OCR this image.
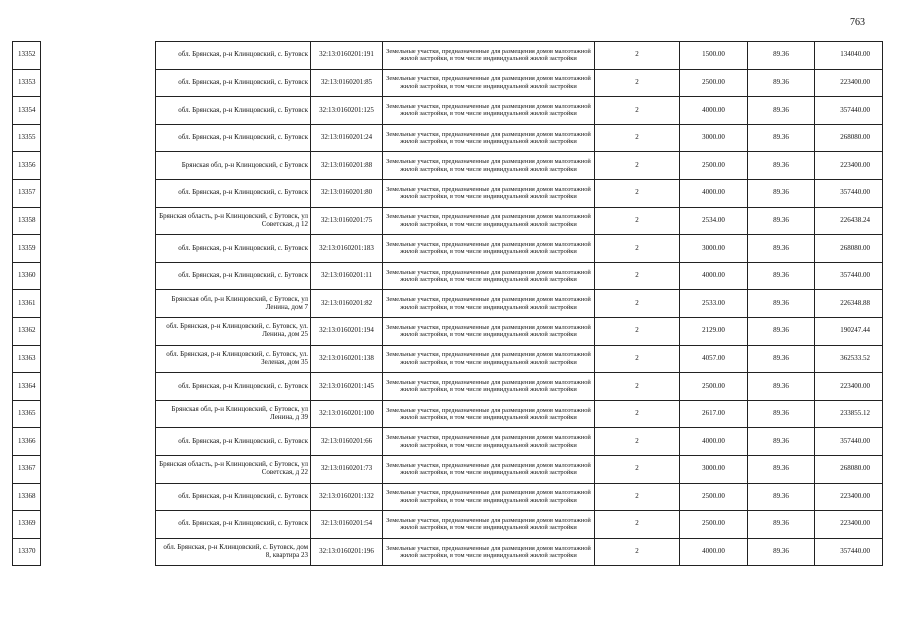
763
13352		обл. Брянская, р-н Клинцовский, с. Бутовск	32:13:0160201:191	Земельные участки, предназначенные для размещения домов малоэтажной жилой застройки, в том числе индивидуальной жилой застройки	2	1500.00	89.36	134040.00
13353		обл. Брянская, р-н Клинцовский, с. Бутовск	32:13:0160201:85	Земельные участки, предназначенные для размещения домов малоэтажной жилой застройки, в том числе индивидуальной жилой застройки	2	2500.00	89.36	223400.00
13354		обл. Брянская, р-н Клинцовский, с. Бутовск	32:13:0160201:125	Земельные участки, предназначенные для размещения домов малоэтажной жилой застройки, в том числе индивидуальной жилой застройки	2	4000.00	89.36	357440.00
13355		обл. Брянская, р-н Клинцовский, с. Бутовск	32:13:0160201:24	Земельные участки, предназначенные для размещения домов малоэтажной жилой застройки, в том числе индивидуальной жилой застройки	2	3000.00	89.36	268080.00
13356		Брянская обл, р-н Клинцовский, с Бутовск	32:13:0160201:88	Земельные участки, предназначенные для размещения домов малоэтажной жилой застройки, в том числе индивидуальной жилой застройки	2	2500.00	89.36	223400.00
13357		обл. Брянская, р-н Клинцовский, с. Бутовск	32:13:0160201:80	Земельные участки, предназначенные для размещения домов малоэтажной жилой застройки, в том числе индивидуальной жилой застройки	2	4000.00	89.36	357440.00
13358		Брянская область, р-н Клинцовский, с Бутовск, ул Советская, д 12	32:13:0160201:75	Земельные участки, предназначенные для размещения домов малоэтажной жилой застройки, в том числе индивидуальной жилой застройки	2	2534.00	89.36	226438.24
13359		обл. Брянская, р-н Клинцовский, с. Бутовск	32:13:0160201:183	Земельные участки, предназначенные для размещения домов малоэтажной жилой застройки, в том числе индивидуальной жилой застройки	2	3000.00	89.36	268080.00
13360		обл. Брянская, р-н Клинцовский, с. Бутовск	32:13:0160201:11	Земельные участки, предназначенные для размещения домов малоэтажной жилой застройки, в том числе индивидуальной жилой застройки	2	4000.00	89.36	357440.00
13361		Брянская обл, р-н Клинцовский, с Бутовск, ул Ленина, дом 7	32:13:0160201:82	Земельные участки, предназначенные для размещения домов малоэтажной жилой застройки, в том числе индивидуальной жилой застройки	2	2533.00	89.36	226348.88
13362		обл. Брянская, р-н Клинцовский, с. Бутовск, ул. Ленина, дом 25	32:13:0160201:194	Земельные участки, предназначенные для размещения домов малоэтажной жилой застройки, в том числе индивидуальной жилой застройки	2	2129.00	89.36	190247.44
13363		обл. Брянская, р-н Клинцовский, с. Бутовск, ул. Зеленая, дом 35	32:13:0160201:138	Земельные участки, предназначенные для размещения домов малоэтажной жилой застройки, в том числе индивидуальной жилой застройки	2	4057.00	89.36	362533.52
13364		обл. Брянская, р-н Клинцовский, с. Бутовск	32:13:0160201:145	Земельные участки, предназначенные для размещения домов малоэтажной жилой застройки, в том числе индивидуальной жилой застройки	2	2500.00	89.36	223400.00
13365		Брянская обл, р-н Клинцовский, с Бутовск, ул Ленина, д 39	32:13:0160201:100	Земельные участки, предназначенные для размещения домов малоэтажной жилой застройки, в том числе индивидуальной жилой застройки	2	2617.00	89.36	233855.12
13366		обл. Брянская, р-н Клинцовский, с. Бутовск	32:13:0160201:66	Земельные участки, предназначенные для размещения домов малоэтажной жилой застройки, в том числе индивидуальной жилой застройки	2	4000.00	89.36	357440.00
13367		Брянская область, р-н Клинцовский, с Бутовск, ул Советская, д 22	32:13:0160201:73	Земельные участки, предназначенные для размещения домов малоэтажной жилой застройки, в том числе индивидуальной жилой застройки	2	3000.00	89.36	268080.00
13368		обл. Брянская, р-н Клинцовский, с. Бутовск	32:13:0160201:132	Земельные участки, предназначенные для размещения домов малоэтажной жилой застройки, в том числе индивидуальной жилой застройки	2	2500.00	89.36	223400.00
13369		обл. Брянская, р-н Клинцовский, с. Бутовск	32:13:0160201:54	Земельные участки, предназначенные для размещения домов малоэтажной жилой застройки, в том числе индивидуальной жилой застройки	2	2500.00	89.36	223400.00
13370		обл. Брянская, р-н Клинцовский, с. Бутовск, дом 8, квартира 23	32:13:0160201:196	Земельные участки, предназначенные для размещения домов малоэтажной жилой застройки, в том числе индивидуальной жилой застройки	2	4000.00	89.36	357440.00
